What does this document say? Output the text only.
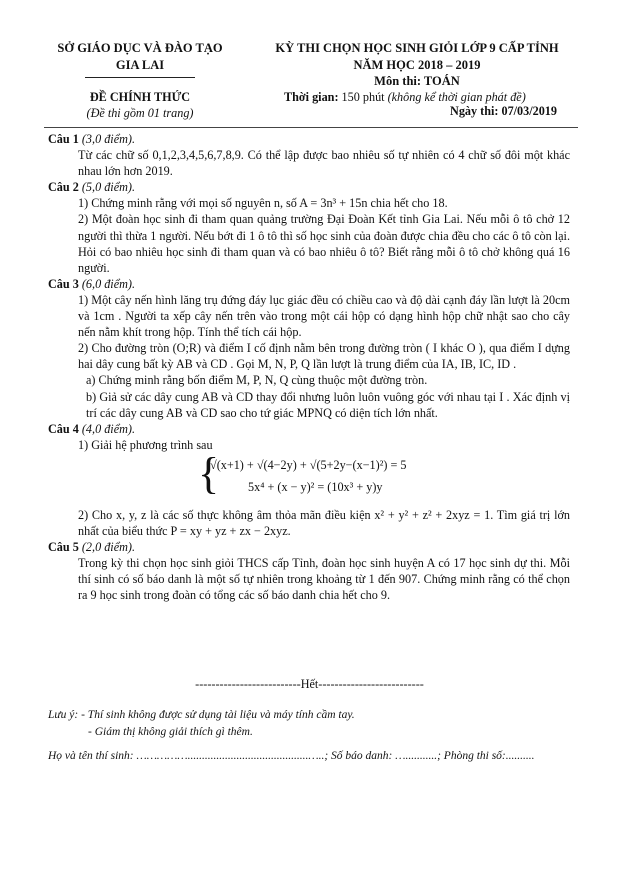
SỞ GIÁO DỤC VÀ ĐÀO TẠO
GIA LAI
KỲ THI CHỌN HỌC SINH GIỎI LỚP 9 CẤP TỈNH
NĂM HỌC 2018 – 2019
Môn thi: TOÁN
ĐỀ CHÍNH THỨC
(Đề thi gồm 01 trang)
Thời gian: 150 phút (không kể thời gian phát đề)
Ngày thi: 07/03/2019
Câu 1 (3,0 điểm).

Từ các chữ số 0,1,2,3,4,5,6,7,8,9. Có thể lập được bao nhiêu số tự nhiên có 4 chữ số đôi một khác nhau lớn hơn 2019.

Câu 2 (5,0 điểm).

1) Chứng minh rằng với mọi số nguyên n, số A = 3n³ + 15n chia hết cho 18.

2) Một đoàn học sinh đi tham quan quảng trường Đại Đoàn Kết tỉnh Gia Lai. Nếu mỗi ô tô chở 12 người thì thừa 1 người. Nếu bớt đi 1 ô tô thì số học sinh của đoàn được chia đều cho các ô tô còn lại. Hỏi có bao nhiêu học sinh đi tham quan và có bao nhiêu ô tô? Biết rằng mỗi ô tô chở không quá 16 người.

Câu 3 (6,0 điểm).

1) Một cây nến hình lăng trụ đứng đáy lục giác đều có chiều cao và độ dài cạnh đáy lần lượt là 20cm và 1cm . Người ta xếp cây nến trên vào trong một cái hộp có dạng hình hộp chữ nhật sao cho cây nến nằm khít trong hộp. Tính thể tích cái hộp.

2) Cho đường tròn (O;R) và điểm I cố định nằm bên trong đường tròn ( I khác O ), qua điểm I dựng hai dây cung bất kỳ AB và CD . Gọi M, N, P, Q lần lượt là trung điểm của IA, IB, IC, ID .

a) Chứng minh rằng bốn điểm M, P, N, Q cùng thuộc một đường tròn.

b) Giả sử các dây cung AB và CD thay đổi nhưng luôn luôn vuông góc với nhau tại I . Xác định vị trí các dây cung AB và CD sao cho tứ giác MPNQ có diện tích lớn nhất.

Câu 4 (4,0 điểm).

1) Giải hệ phương trình sau

{
√(x+1) + √(4−2y) + √(5+2y−(x−1)²) = 5
5x⁴ + (x − y)² = (10x³ + y)y

2) Cho x, y, z là các số thực không âm thỏa mãn điều kiện x² + y² + z² + 2xyz = 1. Tìm giá trị lớn nhất của biểu thức P = xy + yz + zx − 2xyz.

Câu 5 (2,0 điểm).

Trong kỳ thi chọn học sinh giỏi THCS cấp Tỉnh, đoàn học sinh huyện A có 17 học sinh dự thi. Mỗi thí sinh có số báo danh là một số tự nhiên trong khoảng từ 1 đến 907. Chứng minh rằng có thể chọn ra 9 học sinh trong đoàn có tổng các số báo danh chia hết cho 9.

--------------------------Hết--------------------------
Lưu ý: - Thí sinh không được sử dụng tài liệu và máy tính cầm tay.
- Giám thị không giải thích gì thêm.
Họ và tên thí sinh: ……………..........................................…..; Số báo danh: …...........; Phòng thi số:..........
